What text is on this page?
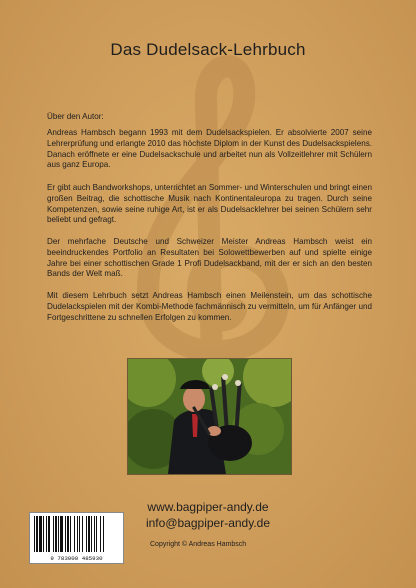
Das Dudelsack-Lehrbuch
Über den Autor:
Andreas Hambsch begann 1993 mit dem Dudelsackspielen. Er absolvierte 2007 seine Lehrerprüfung und erlangte 2010 das höchste Diplom in der Kunst des Dudelsackspielens. Danach eröffnete er eine Dudelsackschule und arbeitet nun als Vollzeitlehrer mit Schülern aus ganz Europa.
Er gibt auch Bandworkshops, unterrichtet an Sommer- und Winterschulen und bringt einen großen Beitrag, die schottische Musik nach Kontinentaleuropa zu tragen. Durch seine Kompetenzen, sowie seine ruhige Art, ist er als Dudelsacklehrer bei seinen Schülern sehr beliebt und gefragt.
Der mehrfache Deutsche und Schweizer Meister Andreas Hambsch weist ein beeindruckendes Portfolio an Resultaten bei Solowettbewerben auf und spielte einige Jahre bei einer schottischen Grade 1 Profi Dudelsackband, mit der er sich an den besten Bands der Welt maß.
Mit diesem Lehrbuch setzt Andreas Hambsch einen Meilenstein, um das schottische Dudelackspielen mit der Kombi-Methode fachmännisch zu vermitteln, um für Anfänger und Fortgeschrittene zu schnellen Erfolgen zu kommen.
www.bagpiper-andy.de
info@bagpiper-andy.de
9 783000 485930
Copyright © Andreas Hambsch
